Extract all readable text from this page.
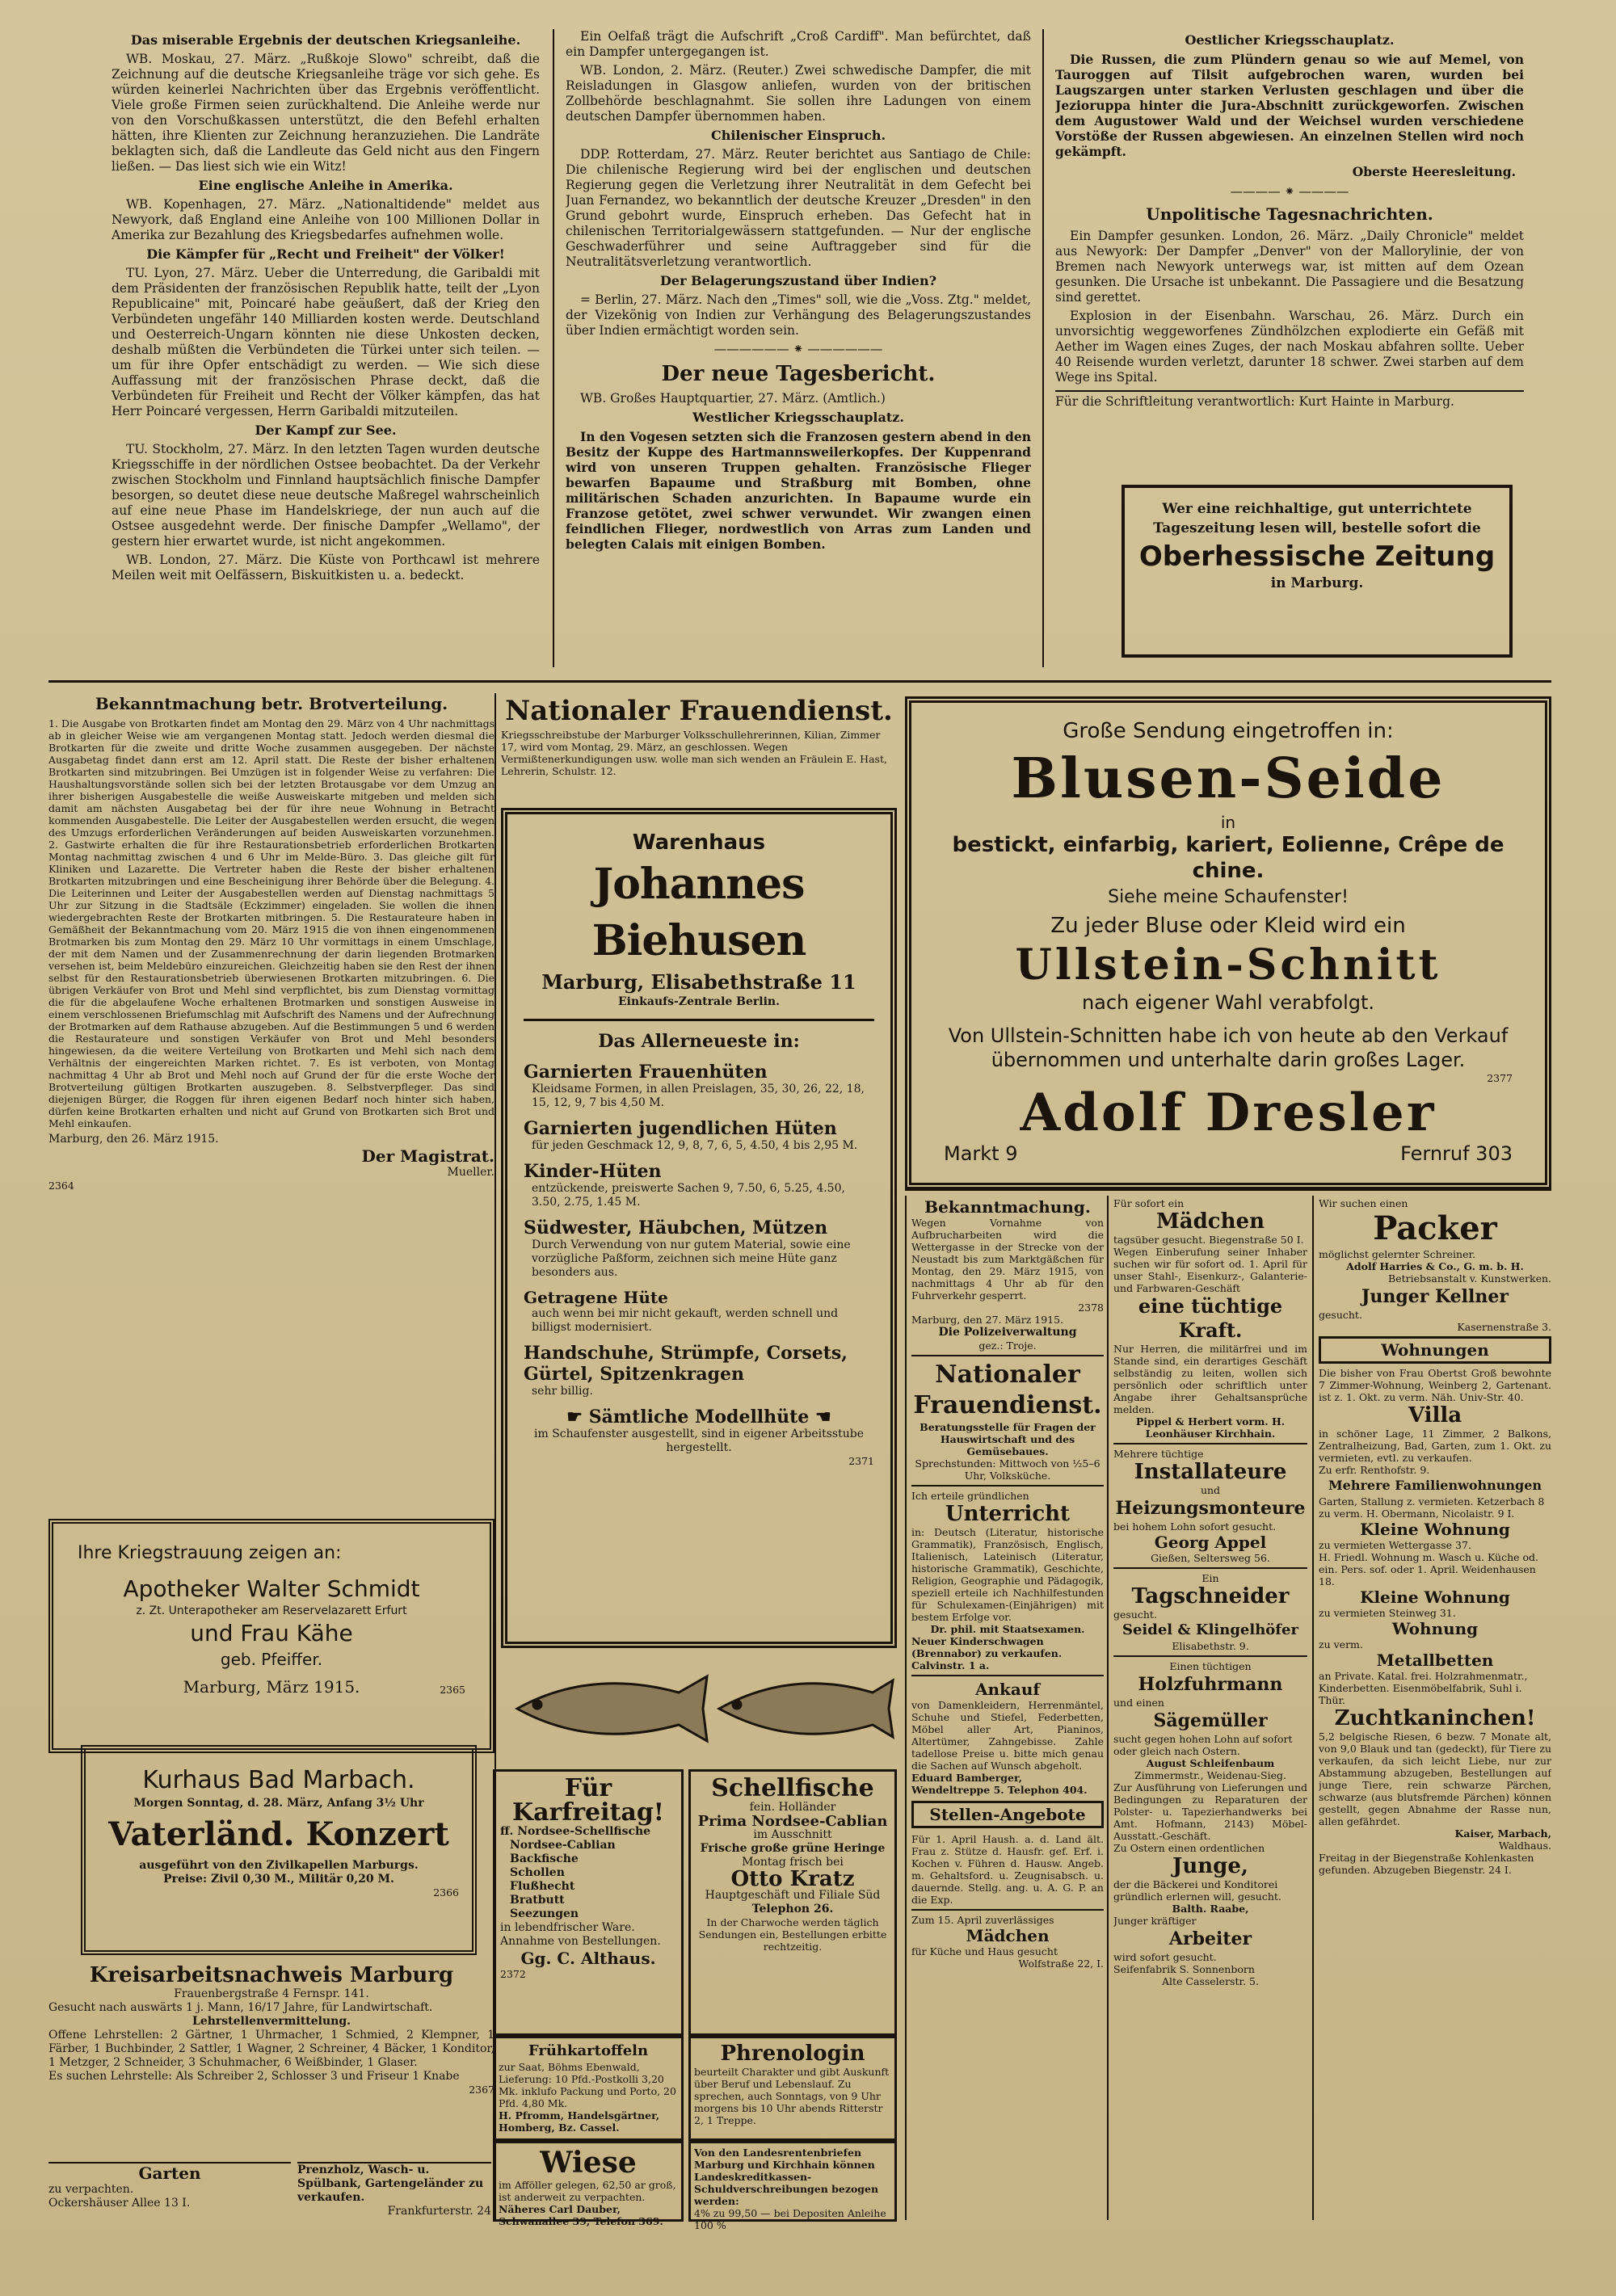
Das miserable Ergebnis der deutschen Kriegsanleihe.

WB. Moskau, 27. März. „Rußkoje Slowo" schreibt, daß die Zeichnung auf die deutsche Kriegsanleihe träge vor sich gehe. Es würden keinerlei Nachrichten über das Ergebnis veröffentlicht. Viele große Firmen seien zurückhaltend. Die Anleihe werde nur von den Vorschußkassen unterstützt, die den Befehl erhalten hätten, ihre Klienten zur Zeichnung heranzuziehen. Die Landräte beklagten sich, daß die Landleute das Geld nicht aus den Fingern ließen. — Das liest sich wie ein Witz!

Eine englische Anleihe in Amerika.

WB. Kopenhagen, 27. März. „Nationaltidende" meldet aus Newyork, daß England eine Anleihe von 100 Millionen Dollar in Amerika zur Bezahlung des Kriegsbedarfes aufnehmen wolle.

Die Kämpfer für „Recht und Freiheit" der Völker!

TU. Lyon, 27. März. Ueber die Unterredung, die Garibaldi mit dem Präsidenten der französischen Republik hatte, teilt der „Lyon Republicaine" mit, Poincaré habe geäußert, daß der Krieg den Verbündeten ungefähr 140 Milliarden kosten werde. Deutschland und Oesterreich-Ungarn könnten nie diese Unkosten decken, deshalb müßten die Verbündeten die Türkei unter sich teilen. — um für ihre Opfer entschädigt zu werden. — Wie sich diese Auffassung mit der französischen Phrase deckt, daß die Verbündeten für Freiheit und Recht der Völker kämpfen, das hat Herr Poincaré vergessen, Herrn Garibaldi mitzuteilen.

Der Kampf zur See.

TU. Stockholm, 27. März. In den letzten Tagen wurden deutsche Kriegsschiffe in der nördlichen Ostsee beobachtet. Da der Verkehr zwischen Stockholm und Finnland hauptsächlich finische Dampfer besorgen, so deutet diese neue deutsche Maßregel wahrscheinlich auf eine neue Phase im Handelskriege, der nun auch auf die Ostsee ausgedehnt werde. Der finische Dampfer „Wellamo", der gestern hier erwartet wurde, ist nicht angekommen.

WB. London, 27. März. Die Küste von Porthcawl ist mehrere Meilen weit mit Oelfässern, Biskuitkisten u. a. bedeckt.

Ein Oelfaß trägt die Aufschrift „Croß Cardiff". Man befürchtet, daß ein Dampfer untergegangen ist.

WB. London, 2. März. (Reuter.) Zwei schwedische Dampfer, die mit Reisladungen in Glasgow anliefen, wurden von der britischen Zollbehörde beschlagnahmt. Sie sollen ihre Ladungen von einem deutschen Dampfer übernommen haben.

Chilenischer Einspruch.

DDP. Rotterdam, 27. März. Reuter berichtet aus Santiago de Chile: Die chilenische Regierung wird bei der englischen und deutschen Regierung gegen die Verletzung ihrer Neutralität in dem Gefecht bei Juan Fernandez, wo bekanntlich der deutsche Kreuzer „Dresden" in den Grund gebohrt wurde, Einspruch erheben. Das Gefecht hat in chilenischen Territorialgewässern stattgefunden. — Nur der englische Geschwaderführer und seine Auftraggeber sind für die Neutralitätsverletzung verantwortlich.

Der Belagerungszustand über Indien?

= Berlin, 27. März. Nach den „Times" soll, wie die „Voss. Ztg." meldet, der Vizekönig von Indien zur Verhängung des Belagerungszustandes über Indien ermächtigt worden sein.

—————— ⁕ ——————
Der neue Tagesbericht.

WB. Großes Hauptquartier, 27. März. (Amtlich.)

Westlicher Kriegsschauplatz.

In den Vogesen setzten sich die Franzosen gestern abend in den Besitz der Kuppe des Hartmannsweilerkopfes. Der Kuppenrand wird von unseren Truppen gehalten. Französische Flieger bewarfen Bapaume und Straßburg mit Bomben, ohne militärischen Schaden anzurichten. In Bapaume wurde ein Franzose getötet, zwei schwer verwundet. Wir zwangen einen feindlichen Flieger, nordwestlich von Arras zum Landen und belegten Calais mit einigen Bomben.

Oestlicher Kriegsschauplatz.

Die Russen, die zum Plündern genau so wie auf Memel, von Tauroggen auf Tilsit aufgebrochen waren, wurden bei Laugszargen unter starken Verlusten geschlagen und über die Jezioruppa hinter die Jura-Abschnitt zurückgeworfen. Zwischen dem Augustower Wald und der Weichsel wurden verschiedene Vorstöße der Russen abgewiesen. An einzelnen Stellen wird noch gekämpft.

Oberste Heeresleitung.
———— ⁕ ————
Unpolitische Tagesnachrichten.

Ein Dampfer gesunken. London, 26. März. „Daily Chronicle" meldet aus Newyork: Der Dampfer „Denver" von der Mallorylinie, der von Bremen nach Newyork unterwegs war, ist mitten auf dem Ozean gesunken. Die Ursache ist unbekannt. Die Passagiere und die Besatzung sind gerettet.

Explosion in der Eisenbahn. Warschau, 26. März. Durch ein unvorsichtig weggeworfenes Zündhölzchen explodierte ein Gefäß mit Aether im Wagen eines Zuges, der nach Moskau abfahren sollte. Ueber 40 Reisende wurden verletzt, darunter 18 schwer. Zwei starben auf dem Wege ins Spital.

Für die Schriftleitung verantwortlich: Kurt Hainte in Marburg.
Wer eine reichhaltige, gut unterrichtete Tageszeitung lesen will, bestelle sofort die
Oberhessische Zeitung
in Marburg.
Bekanntmachung betr. Brotverteilung.
1. Die Ausgabe von Brotkarten findet am Montag den 29. März von 4 Uhr nachmittags ab in gleicher Weise wie am vergangenen Montag statt. Jedoch werden diesmal die Brotkarten für die zweite und dritte Woche zusammen ausgegeben. Der nächste Ausgabetag findet dann erst am 12. April statt. Die Reste der bisher erhaltenen Brotkarten sind mitzubringen. Bei Umzügen ist in folgender Weise zu verfahren: Die Haushaltungsvorstände sollen sich bei der letzten Brotausgabe vor dem Umzug an ihrer bisherigen Ausgabestelle die weiße Ausweiskarte mitgeben und melden sich damit am nächsten Ausgabetag bei der für ihre neue Wohnung in Betracht kommenden Ausgabestelle. Die Leiter der Ausgabestellen werden ersucht, die wegen des Umzugs erforderlichen Veränderungen auf beiden Ausweiskarten vorzunehmen. 2. Gastwirte erhalten die für ihre Restaurationsbetrieb erforderlichen Brotkarten Montag nachmittag zwischen 4 und 6 Uhr im Melde-Büro. 3. Das gleiche gilt für Kliniken und Lazarette. Die Vertreter haben die Reste der bisher erhaltenen Brotkarten mitzubringen und eine Bescheinigung ihrer Behörde über die Belegung. 4. Die Leiterinnen und Leiter der Ausgabestellen werden auf Dienstag nachmittags 5 Uhr zur Sitzung in die Stadtsäle (Eckzimmer) eingeladen. Sie wollen die ihnen wiedergebrachten Reste der Brotkarten mitbringen. 5. Die Restaurateure haben in Gemäßheit der Bekanntmachung vom 20. März 1915 die von ihnen eingenommenen Brotmarken bis zum Montag den 29. März 10 Uhr vormittags in einem Umschlage, der mit dem Namen und der Zusammenrechnung der darin liegenden Brotmarken versehen ist, beim Meldebüro einzureichen. Gleichzeitig haben sie den Rest der ihnen selbst für den Restaurationsbetrieb überwiesenen Brotkarten mitzubringen. 6. Die übrigen Verkäufer von Brot und Mehl sind verpflichtet, bis zum Dienstag vormittag die für die abgelaufene Woche erhaltenen Brotmarken und sonstigen Ausweise in einem verschlossenen Briefumschlag mit Aufschrift des Namens und der Aufrechnung der Brotmarken auf dem Rathause abzugeben. Auf die Bestimmungen 5 und 6 werden die Restaurateure und sonstigen Verkäufer von Brot und Mehl besonders hingewiesen, da die weitere Verteilung von Brotkarten und Mehl sich nach dem Verhältnis der eingereichten Marken richtet. 7. Es ist verboten, von Montag nachmittag 4 Uhr ab Brot und Mehl noch auf Grund der für die erste Woche der Brotverteilung gültigen Brotkarten auszugeben. 8. Selbstverpfleger. Das sind diejenigen Bürger, die Roggen für ihren eigenen Bedarf noch hinter sich haben, dürfen keine Brotkarten erhalten und nicht auf Grund von Brotkarten sich Brot und Mehl einkaufen.
Marburg, den 26. März 1915.
Der Magistrat.
Mueller.
2364
Ihre Kriegstrauung zeigen an:
Apotheker Walter Schmidt
z. Zt. Unterapotheker am Reservelazarett Erfurt
und Frau Kähe
geb. Pfeiffer.
Marburg, März 1915.	2365
Kurhaus Bad Marbach.
Morgen Sonntag, d. 28. März, Anfang 3½ Uhr
Vaterländ. Konzert
ausgeführt von den Zivilkapellen Marburgs.
Preise: Zivil 0,30 M., Militär 0,20 M.
2366
Kreisarbeitsnachweis Marburg
Frauenbergstraße 4 Fernspr. 141.
Gesucht nach auswärts 1 j. Mann, 16/17 Jahre, für Landwirtschaft.
Lehrstellenvermittelung.
Offene Lehrstellen: 2 Gärtner, 1 Uhrmacher, 1 Schmied, 2 Klempner, 1 Färber, 1 Buchbinder, 2 Sattler, 1 Wagner, 2 Schreiner, 4 Bäcker, 1 Konditor, 1 Metzger, 2 Schneider, 3 Schuhmacher, 6 Weißbinder, 1 Glaser.
Es suchen Lehrstelle: Als Schreiber 2, Schlosser 3 und Friseur 1 Knabe
2367
Garten
zu verpachten.
Ockershäuser Allee 13 I.
Prenzholz, Wasch- u. Spülbank, Gartengeländer zu verkaufen.
Frankfurterstr. 24
Nationaler Frauendienst.
Kriegsschreibstube der Marburger Volksschullehrerinnen, Kilian, Zimmer 17, wird vom Montag, 29. März, an geschlossen. Wegen Vermißtenerkundigungen usw. wolle man sich wenden an Fräulein E. Hast, Lehrerin, Schulstr. 12.
Warenhaus
Johannes Biehusen
Marburg, Elisabethstraße 11
Einkaufs-Zentrale Berlin.
Das Allerneueste in:
Garnierten Frauenhüten
Kleidsame Formen, in allen Preislagen, 35, 30, 26, 22, 18, 15, 12, 9, 7 bis 4,50 M.
Garnierten jugendlichen Hüten
für jeden Geschmack 12, 9, 8, 7, 6, 5, 4.50, 4 bis 2,95 M.
Kinder-Hüten
entzückende, preiswerte Sachen 9, 7.50, 6, 5.25, 4.50, 3.50, 2.75, 1.45 M.
Südwester, Häubchen, Mützen
Durch Verwendung von nur gutem Material, sowie eine vorzügliche Paßform, zeichnen sich meine Hüte ganz besonders aus.
Getragene Hüte
auch wenn bei mir nicht gekauft, werden schnell und billigst modernisiert.
Handschuhe, Strümpfe, Corsets, Gürtel, Spitzenkragen
sehr billig.
☛ Sämtliche Modellhüte ☚
im Schaufenster ausgestellt, sind in eigener Arbeitsstube hergestellt.
2371
Für Karfreitag!
ff. Nordsee-Schellfische
Nordsee-Cablian
Backfische
Schollen
Flußhecht
Bratbutt
Seezungen
in lebendfrischer Ware.
Annahme von Bestellungen.
Gg. C. Althaus.
2372
Schellfische
fein. Holländer
Prima Nordsee-Cablian
im Ausschnitt
Frische große grüne Heringe
Montag frisch bei
Otto Kratz
Hauptgeschäft und Filiale Süd
Telephon 26.
In der Charwoche werden täglich Sendungen ein, Bestellungen erbitte rechtzeitig.
Frühkartoffeln
zur Saat, Böhms Ebenwald, Lieferung: 10 Pfd.-Postkolli 3,20 Mk. inklufo Packung und Porto, 20 Pfd. 4,80 Mk.
H. Pfromm, Handelsgärtner, Homberg, Bz. Cassel.
Phrenologin
beurteilt Charakter und gibt Auskunft über Beruf und Lebenslauf. Zu sprechen, auch Sonntags, von 9 Uhr morgens bis 10 Uhr abends Ritterstr 2, 1 Treppe.
Wiese
im Afföller gelegen, 62,50 ar groß, ist anderweit zu verpachten.
Näheres Carl Dauber, Schwanallee 39, Telefon 369.
Von den Landesrentenbriefen Marburg und Kirchhain können Landeskreditkassen-Schuldverschreibungen bezogen werden:
4% zu 99,50 — bei Depositen Anleihe 100 %
Große Sendung eingetroffen in:
Blusen-Seide
in
bestickt, einfarbig, kariert, Eolienne, Crêpe de chine.
Siehe meine Schaufenster!
Zu jeder Bluse oder Kleid wird ein
Ullstein-Schnitt
nach eigener Wahl verabfolgt.
Von Ullstein-Schnitten habe ich von heute ab den Verkauf übernommen und unterhalte darin großes Lager.
2377
Adolf Dresler
Markt 9	Fernruf 303
Bekanntmachung.
Wegen Vornahme von Aufbrucharbeiten wird die Wettergasse in der Strecke von der Neustadt bis zum Marktgäßchen für Montag, den 29. März 1915, von nachmittags 4 Uhr ab für den Fuhrverkehr gesperrt.
2378
Marburg, den 27. März 1915.
Die Polizeiverwaltung
gez.: Troje.
Nationaler Frauendienst.
Beratungsstelle für Fragen der Hauswirtschaft und des Gemüsebaues.
Sprechstunden: Mittwoch von ½5–6 Uhr, Volksküche.
Ich erteile gründlichen
Unterricht
in: Deutsch (Literatur, historische Grammatik), Französisch, Englisch, Italienisch, Lateinisch (Literatur, historische Grammatik), Geschichte, Religion, Geographie und Pädagogik, speziell erteile ich Nachhilfestunden für Schulexamen-(Einjährigen) mit bestem Erfolge vor.
Dr. phil. mit Staatsexamen.
Neuer Kinderschwagen (Brennabor) zu verkaufen. Calvinstr. 1 a.
Ankauf
von Damenkleidern, Herrenmäntel, Schuhe und Stiefel, Federbetten, Möbel aller Art, Pianinos, Altertümer, Zahngebisse. Zahle tadellose Preise u. bitte mich genau die Sachen auf Wunsch abgeholt.
Eduard Bamberger, Wendeltreppe 5. Telephon 404.
Stellen-Angebote
Für 1. April Haush. a. d. Land ält. Frau z. Stütze d. Hausfr. gef. Erf. i. Kochen v. Führen d. Hausw. Angeb. m. Gehaltsford. u. Zeugnisabsch. u. dauernde. Stellg. ang. u. A. G. P. an die Exp.
Zum 15. April zuverlässiges
Mädchen
für Küche und Haus gesucht
Wolfstraße 22, I.
Für sofort ein
Mädchen
tagsüber gesucht. Biegenstraße 50 I.
Wegen Einberufung seiner Inhaber suchen wir für sofort od. 1. April für unser Stahl-, Eisenkurz-, Galanterie- und Farbwaren-Geschäft
eine tüchtige Kraft.
Nur Herren, die militärfrei und im Stande sind, ein derartiges Geschäft selbständig zu leiten, wollen sich persönlich oder schriftlich unter Angabe ihrer Gehaltsansprüche melden.
Pippel & Herbert vorm. H. Leonhäuser Kirchhain.
Mehrere tüchtige
Installateure
und
Heizungsmonteure
bei hohem Lohn sofort gesucht.
Georg Appel
Gießen, Seltersweg 56.
Ein
Tagschneider
gesucht.
Seidel & Klingelhöfer
Elisabethstr. 9.
Einen tüchtigen
Holzfuhrmann
und einen
Sägemüller
sucht gegen hohen Lohn auf sofort oder gleich nach Ostern.
August Schleifenbaum
Zimmermstr., Weidenau-Sieg.
Zur Ausführung von Lieferungen und Bedingungen zu Reparaturen der Polster- u. Tapezierhandwerks bei Amt. Hofmann, 2143) Möbel-Ausstatt.-Geschäft.
Zu Ostern einen ordentlichen
Junge,
der die Bäckerei und Konditorei gründlich erlernen will, gesucht.
Balth. Raabe,
Junger kräftiger
Arbeiter
wird sofort gesucht.
Seifenfabrik S. Sonnenborn
Alte Casselerstr. 5.
Wir suchen einen
Packer
möglichst gelernter Schreiner.
Adolf Harries & Co., G. m. b. H.
Betriebsanstalt v. Kunstwerken.
Junger Kellner
gesucht.
Kasernenstraße 3.
Wohnungen
Die bisher von Frau Obertst Groß bewohnte 7 Zimmer-Wohnung, Weinberg 2, Gartenant. ist z. 1. Okt. zu verm. Näh. Univ-Str. 40.
Villa
in schöner Lage, 11 Zimmer, 2 Balkons, Zentralheizung, Bad, Garten, zum 1. Okt. zu vermieten, evtl. zu verkaufen.
Zu erfr. Renthofstr. 9.
Mehrere Familienwohnungen
Garten, Stallung z. vermieten. Ketzerbach 8 zu verm. H. Obermann, Nicolaistr. 9 I.
Kleine Wohnung
zu vermieten Wettergasse 37.
H. Friedl. Wohnung m. Wasch u. Küche od. ein. Pers. sof. oder 1. April. Weidenhausen 18.
Kleine Wohnung
zu vermieten Steinweg 31.
Wohnung
zu verm.
Metallbetten
an Private. Katal. frei. Holzrahmenmatr., Kinderbetten. Eisenmöbelfabrik, Suhl i. Thür.
Zuchtkaninchen!
5,2 belgische Riesen, 6 bezw. 7 Monate alt, von 9,0 Blauk und tan (gedeckt), für Tiere zu verkaufen, da sich leicht Liebe, nur zur Abstammung abzugeben, Bestellungen auf junge Tiere, rein schwarze Pärchen, schwarze (aus blutsfremde Pärchen) können gestellt, gegen Abnahme der Rasse nun, allen gefährdet.
Kaiser, Marbach,
Waldhaus.
Freitag in der Biegenstraße Kohlenkasten gefunden. Abzugeben Biegenstr. 24 I.
